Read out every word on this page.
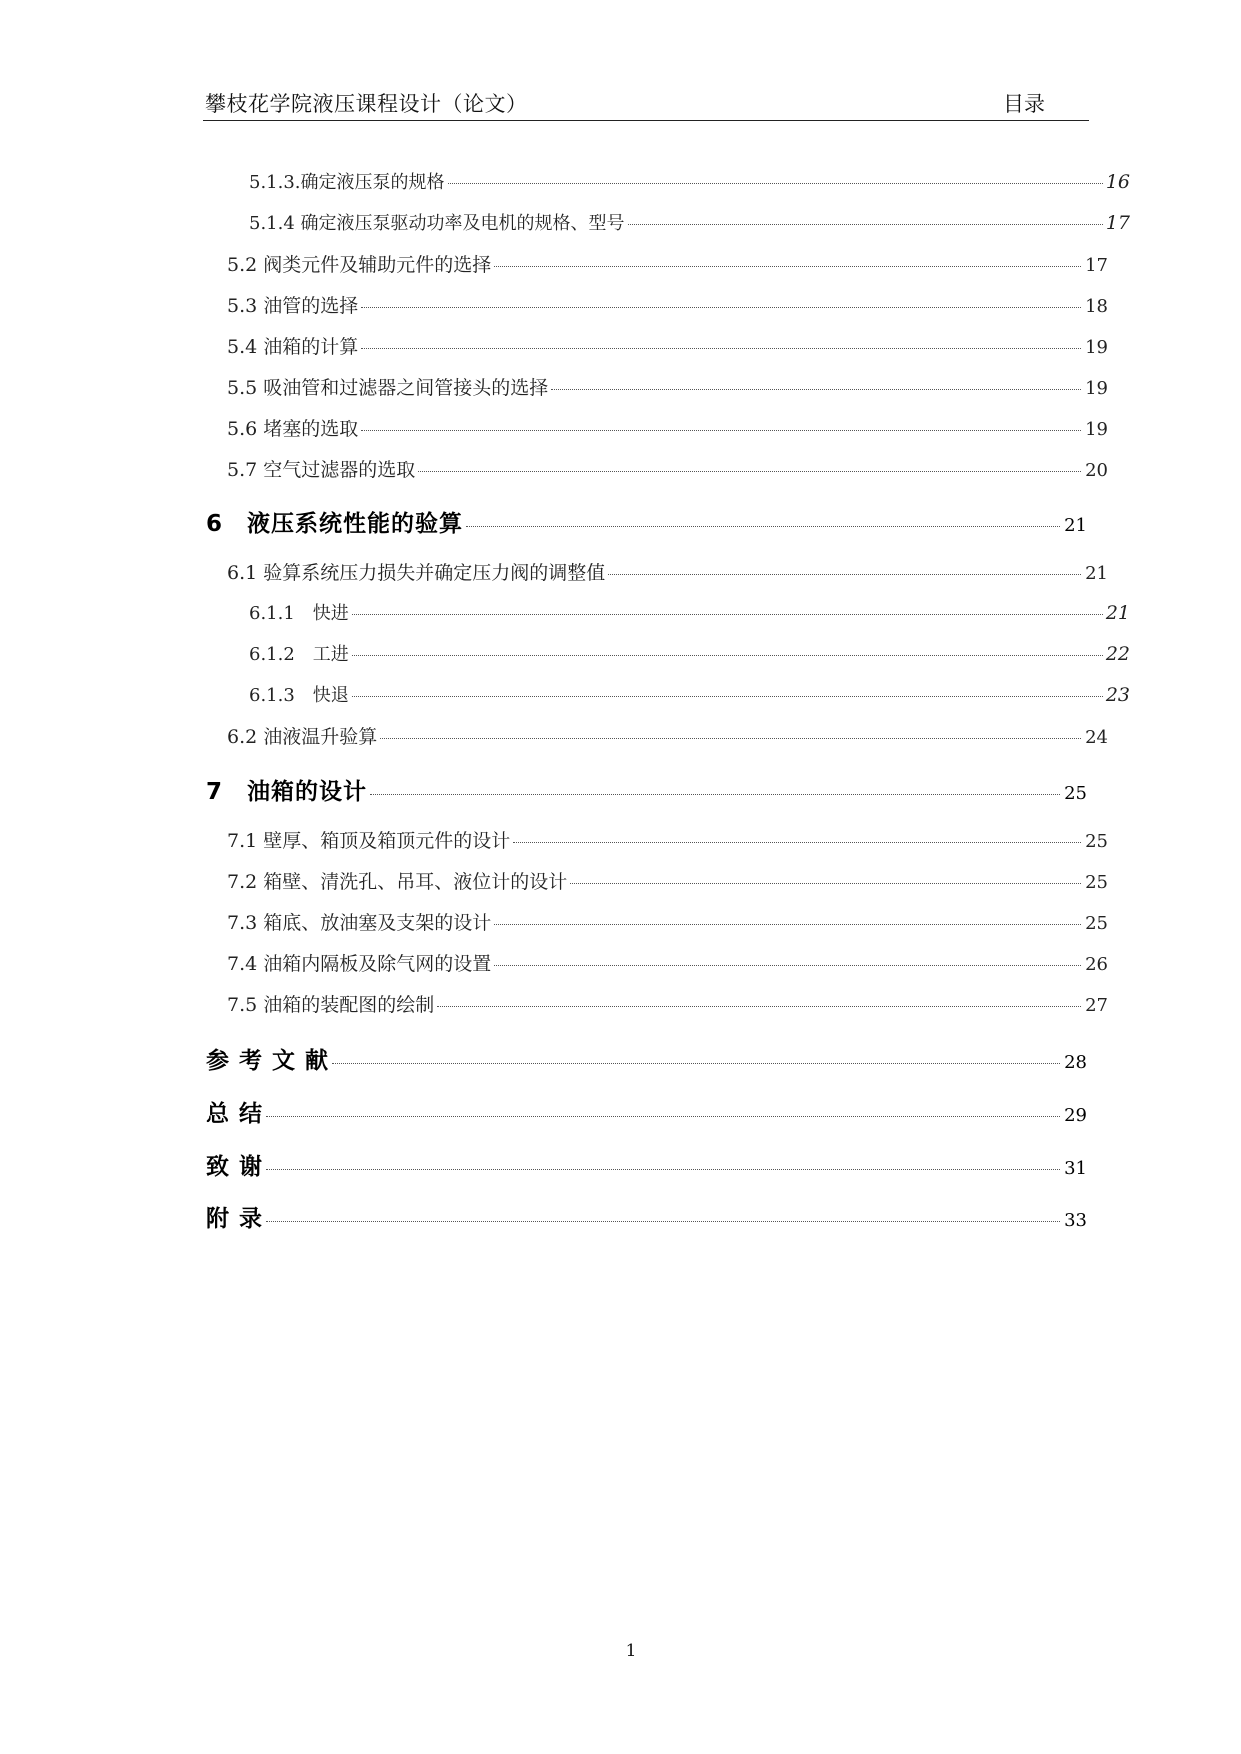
攀枝花学院液压课程设计（论文）	目录
5.1.3.确定液压泵的规格	16
5.1.4 确定液压泵驱动功率及电机的规格、型号	17
5.2 阀类元件及辅助元件的选择	17
5.3 油管的选择	18
5.4 油箱的计算	19
5.5 吸油管和过滤器之间管接头的选择	19
5.6 堵塞的选取	19
5.7 空气过滤器的选取	20
6　液压系统性能的验算	21
6.1 验算系统压力损失并确定压力阀的调整值	21
6.1.1　快进	21
6.1.2　工进	22
6.1.3　快退	23
6.2 油液温升验算	24
7　油箱的设计	25
7.1 壁厚、箱顶及箱顶元件的设计	25
7.2 箱壁、清洗孔、吊耳、液位计的设计	25
7.3 箱底、放油塞及支架的设计	25
7.4 油箱内隔板及除气网的设置	26
7.5 油箱的装配图的绘制	27
参 考 文 献	28
总 结	29
致 谢	31
附 录	33
1
